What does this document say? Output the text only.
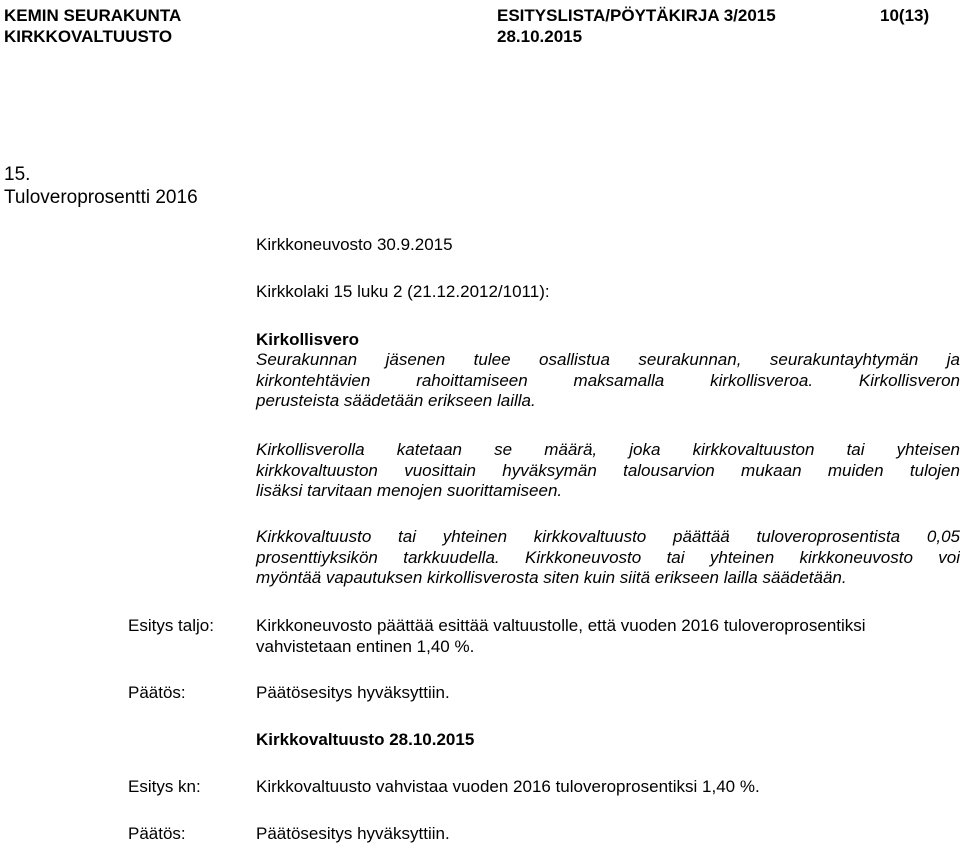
KEMIN SEURAKUNTA
KIRKKOVALTUUSTO
ESITYSLISTA/PÖYTÄKIRJA 3/2015
28.10.2015
10(13)
15.
Tuloveroprosentti 2016
Kirkkoneuvosto 30.9.2015
Kirkkolaki 15 luku 2 (21.12.2012/1011):
Kirkollisvero
Seurakunnan jäsenen tulee osallistua seurakunnan, seurakuntayhtymän ja
kirkontehtävien rahoittamiseen maksamalla kirkollisveroa. Kirkollisveron
perusteista säädetään erikseen lailla.
Kirkollisverolla katetaan se määrä, joka kirkkovaltuuston tai yhteisen
kirkkovaltuuston vuosittain hyväksymän talousarvion mukaan muiden tulojen
lisäksi tarvitaan menojen suorittamiseen.
Kirkkovaltuusto tai yhteinen kirkkovaltuusto päättää tuloveroprosentista 0,05
prosenttiyksikön tarkkuudella. Kirkkoneuvosto tai yhteinen kirkkoneuvosto voi
myöntää vapautuksen kirkollisverosta siten kuin siitä erikseen lailla säädetään.
Esitys taljo: Kirkkoneuvosto päättää esittää valtuustolle, että vuoden 2016 tuloveroprosentiksi
vahvistetaan entinen 1,40 %.
Päätös:	Päätösesitys hyväksyttiin.
Kirkkovaltuusto 28.10.2015
Esitys kn:	Kirkkovaltuusto vahvistaa vuoden 2016 tuloveroprosentiksi 1,40 %.
Päätös:	Päätösesitys hyväksyttiin.
